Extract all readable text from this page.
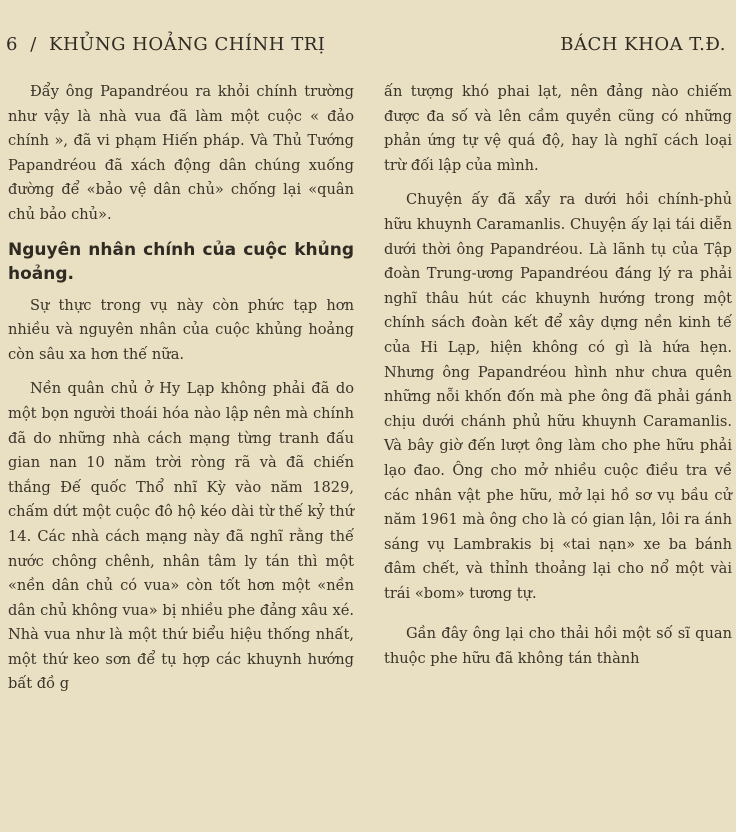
6 / KHỦNG HOẢNG CHÍNH TRỊ	BÁCH KHOA T.Đ.

Đẩy ông Papandréou ra khỏi chính trường như vậy là nhà vua đã làm một cuộc « đảo chính », đã vi phạm Hiến pháp. Và Thủ Tướng Papandréou đã xách động dân chúng xuống đường để «bảo vệ dân chủ» chống lại «quân chủ bảo chủ».

Nguyên nhân chính của cuộc khủng hoảng.

Sự thực trong vụ này còn phức tạp hơn nhiều và nguyên nhân của cuộc khủng hoảng còn sâu xa hơn thế nữa.

Nền quân chủ ở Hy Lạp không phải đã do một bọn người thoái hóa nào lập nên mà chính đã do những nhà cách mạng từng tranh đấu gian nan 10 năm trời ròng rã và đã chiến thắng Đế quốc Thổ nhĩ Kỳ vào năm 1829, chấm dứt một cuộc đô hộ kéo dài từ thế kỷ thứ 14. Các nhà cách mạng này đã nghĩ rằng thế nước chông chênh, nhân tâm ly tán thì một «nền dân chủ có vua» còn tốt hơn một «nền dân chủ không vua» bị nhiều phe đảng xâu xé. Nhà vua như là một thứ biểu hiệu thống nhất, một thứ keo sơn để tụ hợp các khuynh hướng bất đồ g

ấn tượng khó phai lạt, nên đảng nào chiếm được đa số và lên cầm quyền cũng có những phản ứng tự vệ quá độ, hay là nghĩ cách loại trừ đối lập của mình.

Chuyện ấy đã xẩy ra dưới hồi chính-phủ hữu khuynh Caramanlis. Chuyện ấy lại tái diễn dưới thời ông Papandréou. Là lãnh tụ của Tập đoàn Trung-ương Papandréou đáng lý ra phải nghĩ thâu hút các khuynh hướng trong một chính sách đoàn kết để xây dựng nền kinh tế của Hi Lạp, hiện không có gì là hứa hẹn. Nhưng ông Papandréou hình như chưa quên những nỗi khốn đốn mà phe ông đã phải gánh chịu dưới chánh phủ hữu khuynh Caramanlis. Và bây giờ đến lượt ông làm cho phe hữu phải lạo đao. Ông cho mở nhiều cuộc điều tra về các nhân vật phe hữu, mở lại hồ sơ vụ bầu cử năm 1961 mà ông cho là có gian lận, lôi ra ánh sáng vụ Lambrakis bị «tai nạn» xe ba bánh đâm chết, và thỉnh thoảng lại cho nổ một vài trái «bom» tương tự.

Gần đây ông lại cho thải hồi một số sĩ quan thuộc phe hữu đã không tán thành
